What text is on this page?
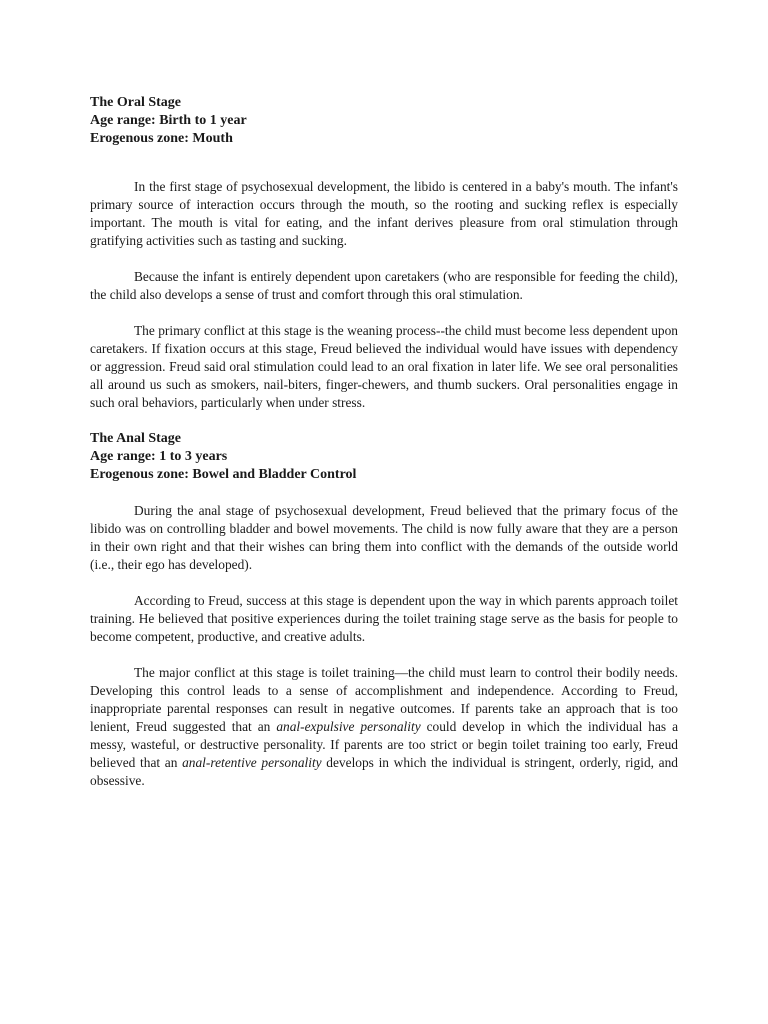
The Oral Stage

Age range: Birth to 1 year

Erogenous zone: Mouth

In the first stage of psychosexual development, the libido is centered in a baby's mouth. The infant's primary source of interaction occurs through the mouth, so the rooting and sucking reflex is especially important. The mouth is vital for eating, and the infant derives pleasure from oral stimulation through gratifying activities such as tasting and sucking.

Because the infant is entirely dependent upon caretakers (who are responsible for feeding the child), the child also develops a sense of trust and comfort through this oral stimulation.

The primary conflict at this stage is the weaning process--the child must become less dependent upon caretakers. If fixation occurs at this stage, Freud believed the individual would have issues with dependency or aggression. Freud said oral stimulation could lead to an oral fixation in later life. We see oral personalities all around us such as smokers, nail-biters, finger-chewers, and thumb suckers. Oral personalities engage in such oral behaviors, particularly when under stress.

The Anal Stage

Age range: 1 to 3 years

Erogenous zone: Bowel and Bladder Control

During the anal stage of psychosexual development, Freud believed that the primary focus of the libido was on controlling bladder and bowel movements. The child is now fully aware that they are a person in their own right and that their wishes can bring them into conflict with the demands of the outside world (i.e., their ego has developed).

According to Freud, success at this stage is dependent upon the way in which parents approach toilet training. He believed that positive experiences during the toilet training stage serve as the basis for people to become competent, productive, and creative adults.

The major conflict at this stage is toilet training—the child must learn to control their bodily needs. Developing this control leads to a sense of accomplishment and independence. According to Freud, inappropriate parental responses can result in negative outcomes. If parents take an approach that is too lenient, Freud suggested that an anal-expulsive personality could develop in which the individual has a messy, wasteful, or destructive personality. If parents are too strict or begin toilet training too early, Freud believed that an anal-retentive personality develops in which the individual is stringent, orderly, rigid, and obsessive.
